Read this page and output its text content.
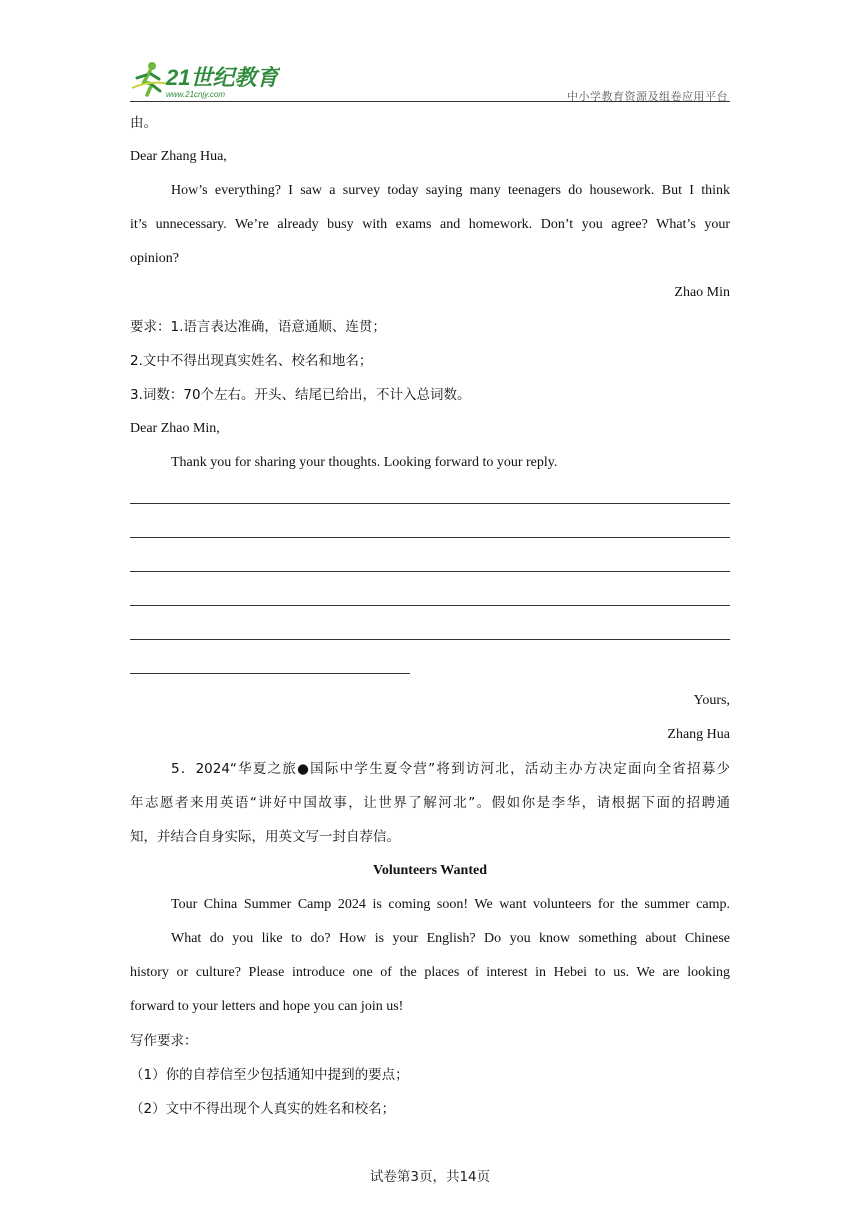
21世纪教育
www.21cnjy.com	中小学教育资源及组卷应用平台
由。
Dear Zhang Hua,
How’s everything? I saw a survey today saying many teenagers do housework. But I think
it’s unnecessary. We’re already busy with exams and homework. Don’t you agree? What’s your
opinion?
Zhao Min
要求：1.语言表达准确，语意通顺、连贯；
2.文中不得出现真实姓名、校名和地名；
3.词数：70个左右。开头、结尾已给出，不计入总词数。
Dear Zhao Min,
Thank you for sharing your thoughts. Looking forward to your reply.
Yours,
Zhang Hua
5．2024“华夏之旅●国际中学生夏令营”将到访河北，活动主办方决定面向全省招募少
年志愿者来用英语“讲好中国故事，让世界了解河北”。假如你是李华，请根据下面的招聘通
知，并结合自身实际，用英文写一封自荐信。
Volunteers Wanted
Tour China Summer Camp 2024 is coming soon! We want volunteers for the summer camp.
What do you like to do? How is your English? Do you know something about Chinese
history or culture? Please introduce one of the places of interest in Hebei to us. We are looking
forward to your letters and hope you can join us!
写作要求：
（1）你的自荐信至少包括通知中提到的要点；
（2）文中不得出现个人真实的姓名和校名；
试卷第3页，共14页
